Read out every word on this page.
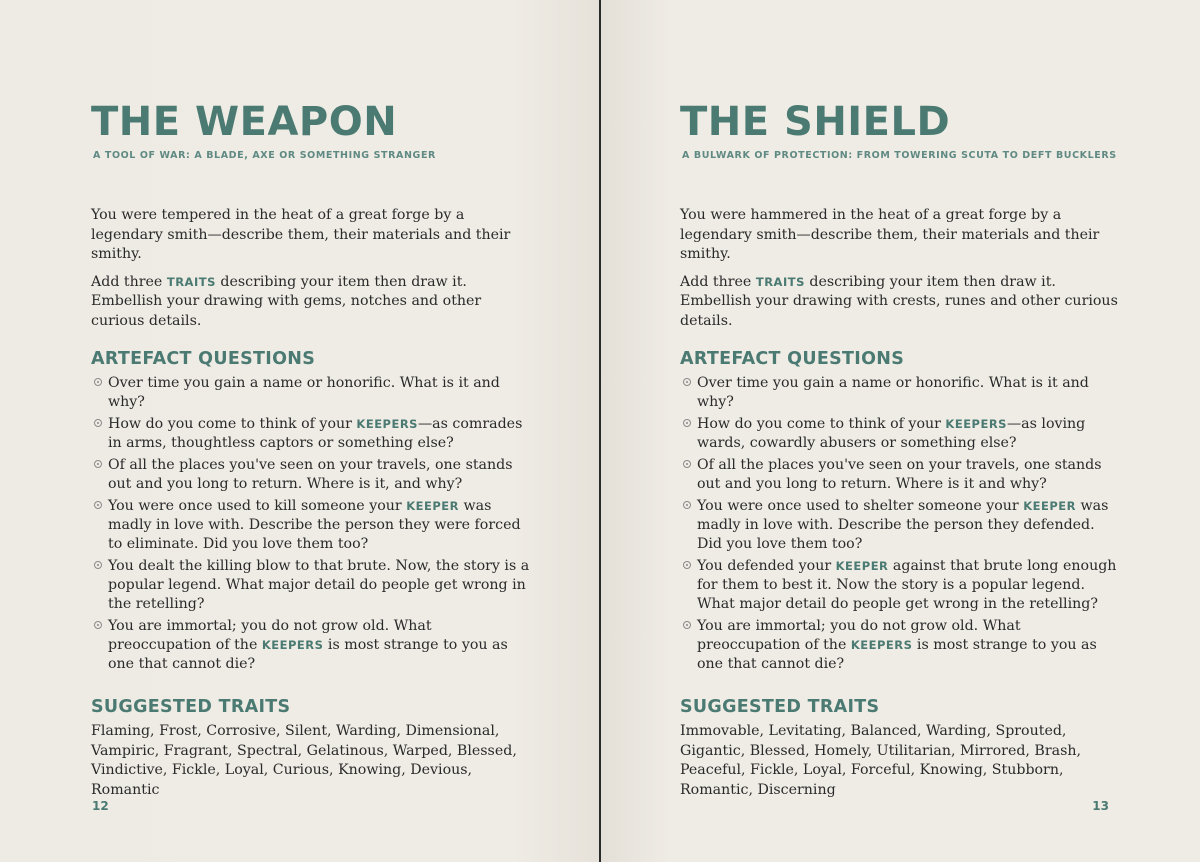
THE WEAPON
A TOOL OF WAR: A BLADE, AXE OR SOMETHING STRANGER

You were tempered in the heat of a great forge by a legendary smith—describe them, their materials and their smithy.

Add three TRAITS describing your item then draw it. Embellish your drawing with gems, notches and other curious details.

ARTEFACT QUESTIONS
Over time you gain a name or honorific. What is it and why?
How do you come to think of your KEEPERS—as comrades in arms, thoughtless captors or something else?
Of all the places you've seen on your travels, one stands out and you long to return. Where is it, and why?
You were once used to kill someone your KEEPER was madly in love with. Describe the person they were forced to eliminate. Did you love them too?
You dealt the killing blow to that brute. Now, the story is a popular legend. What major detail do people get wrong in the retelling?
You are immortal; you do not grow old. What preoccupation of the KEEPERS is most strange to you as one that cannot die?
SUGGESTED TRAITS

Flaming, Frost, Corrosive, Silent, Warding, Dimensional, Vampiric, Fragrant, Spectral, Gelatinous, Warped, Blessed, Vindictive, Fickle, Loyal, Curious, Knowing, Devious, Romantic

12
THE SHIELD
A BULWARK OF PROTECTION: FROM TOWERING SCUTA TO DEFT BUCKLERS

You were hammered in the heat of a great forge by a legendary smith—describe them, their materials and their smithy.

Add three TRAITS describing your item then draw it. Embellish your drawing with crests, runes and other curious details.

ARTEFACT QUESTIONS
Over time you gain a name or honorific. What is it and why?
How do you come to think of your KEEPERS—as loving wards, cowardly abusers or something else?
Of all the places you've seen on your travels, one stands out and you long to return. Where is it and why?
You were once used to shelter someone your KEEPER was madly in love with. Describe the person they defended. Did you love them too?
You defended your KEEPER against that brute long enough for them to best it. Now the story is a popular legend. What major detail do people get wrong in the retelling?
You are immortal; you do not grow old. What preoccupation of the KEEPERS is most strange to you as one that cannot die?
SUGGESTED TRAITS

Immovable, Levitating, Balanced, Warding, Sprouted, Gigantic, Blessed, Homely, Utilitarian, Mirrored, Brash, Peaceful, Fickle, Loyal, Forceful, Knowing, Stubborn, Romantic, Discerning

13
